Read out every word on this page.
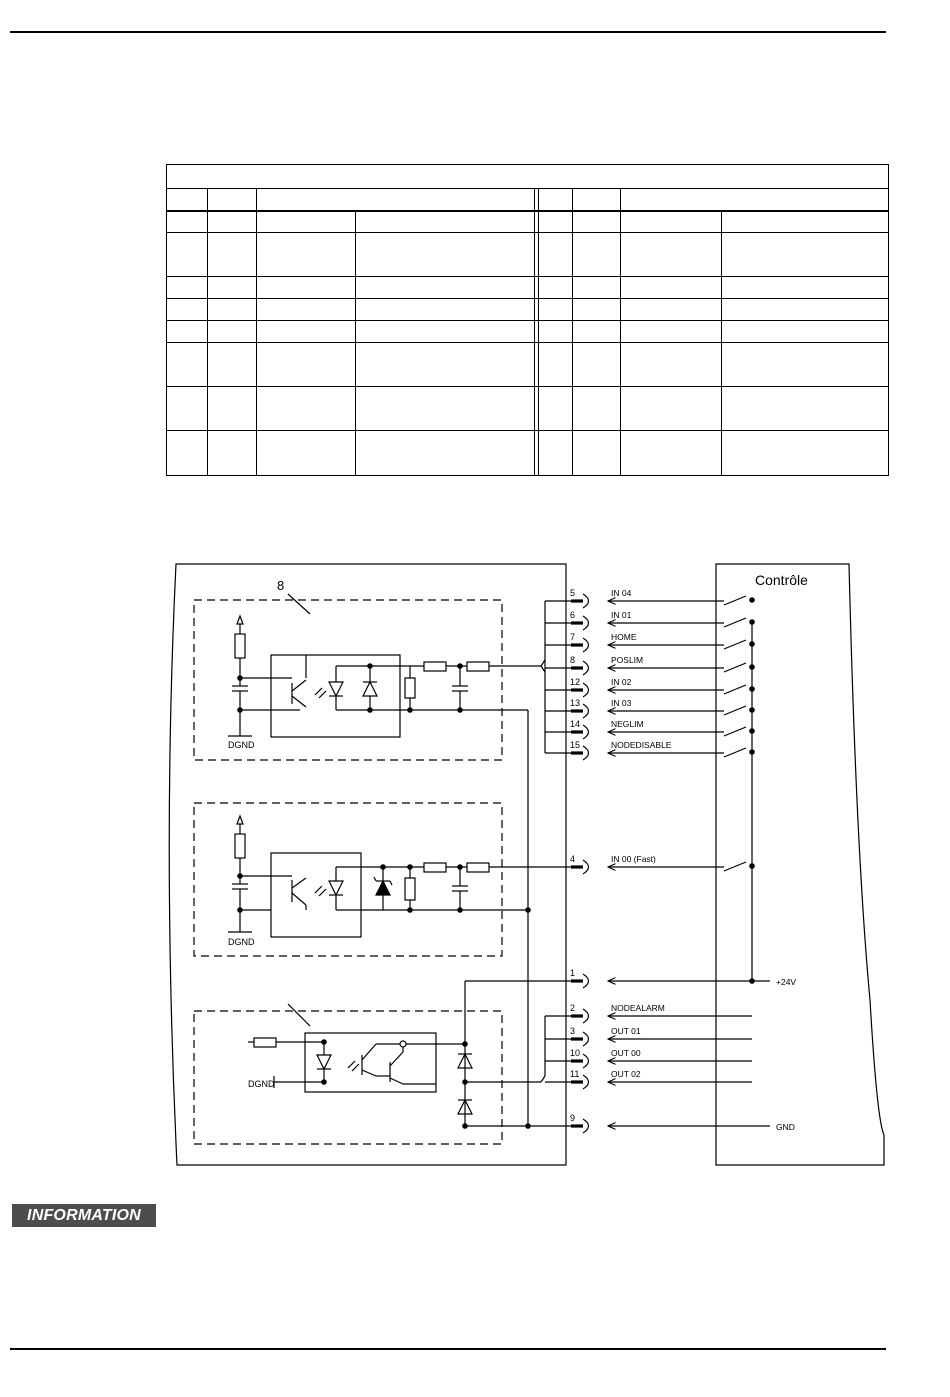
Contrôle
8
DGND
DGND
DGND
5	IN 04
6	IN 01
7	HOME
8	POSLIM
12	IN 02
13	IN 03
14	NEGLIM
15	NODEDISABLE
4	IN 00 (Fast)
1
+24V
2	NODEALARM
3	OUT 01
10	OUT 00
11	OUT 02
9
GND
INFORMATION
